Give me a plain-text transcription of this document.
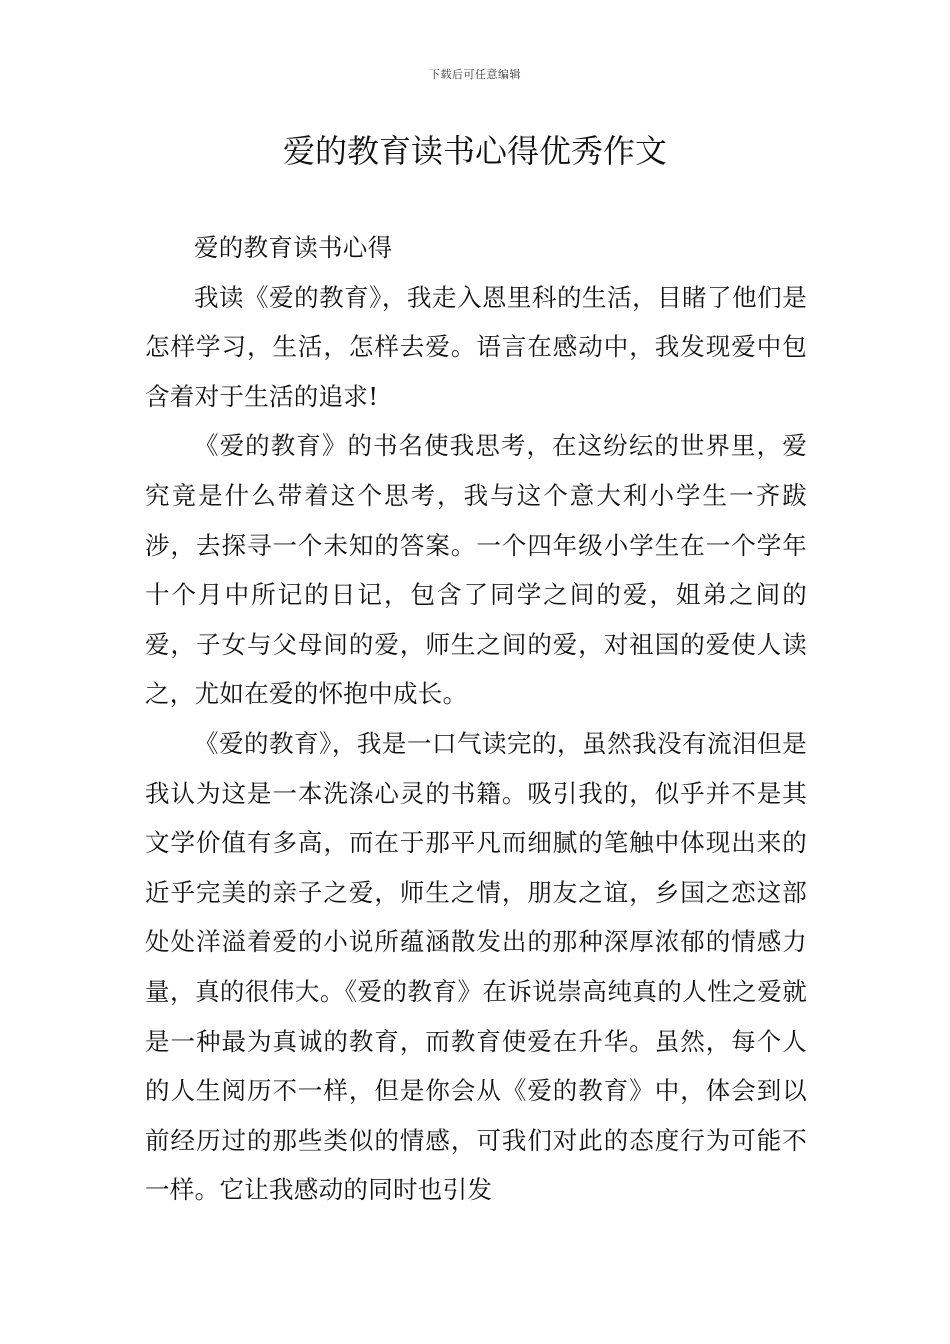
下载后可任意编辑
爱的教育读书心得优秀作文

爱的教育读书心得

我读《爱的教育》，我走入恩里科的生活，目睹了他们是怎样学习，生活，怎样去爱。语言在感动中，我发现爱中包含着对于生活的追求!

《爱的教育》的书名使我思考，在这纷纭的世界里，爱究竟是什么带着这个思考，我与这个意大利小学生一齐跋涉，去探寻一个未知的答案。一个四年级小学生在一个学年十个月中所记的日记，包含了同学之间的爱，姐弟之间的爱，子女与父母间的爱，师生之间的爱，对祖国的爱使人读之，尤如在爱的怀抱中成长。

《爱的教育》，我是一口气读完的，虽然我没有流泪但是我认为这是一本洗涤心灵的书籍。吸引我的，似乎并不是其文学价值有多高，而在于那平凡而细腻的笔触中体现出来的近乎完美的亲子之爱，师生之情，朋友之谊，乡国之恋这部处处洋溢着爱的小说所蕴涵散发出的那种深厚浓郁的情感力量，真的很伟大。《爱的教育》在诉说崇高纯真的人性之爱就是一种最为真诚的教育，而教育使爱在升华。虽然，每个人的人生阅历不一样，但是你会从《爱的教育》中，体会到以前经历过的那些类似的情感，可我们对此的态度行为可能不一样。它让我感动的同时也引发
